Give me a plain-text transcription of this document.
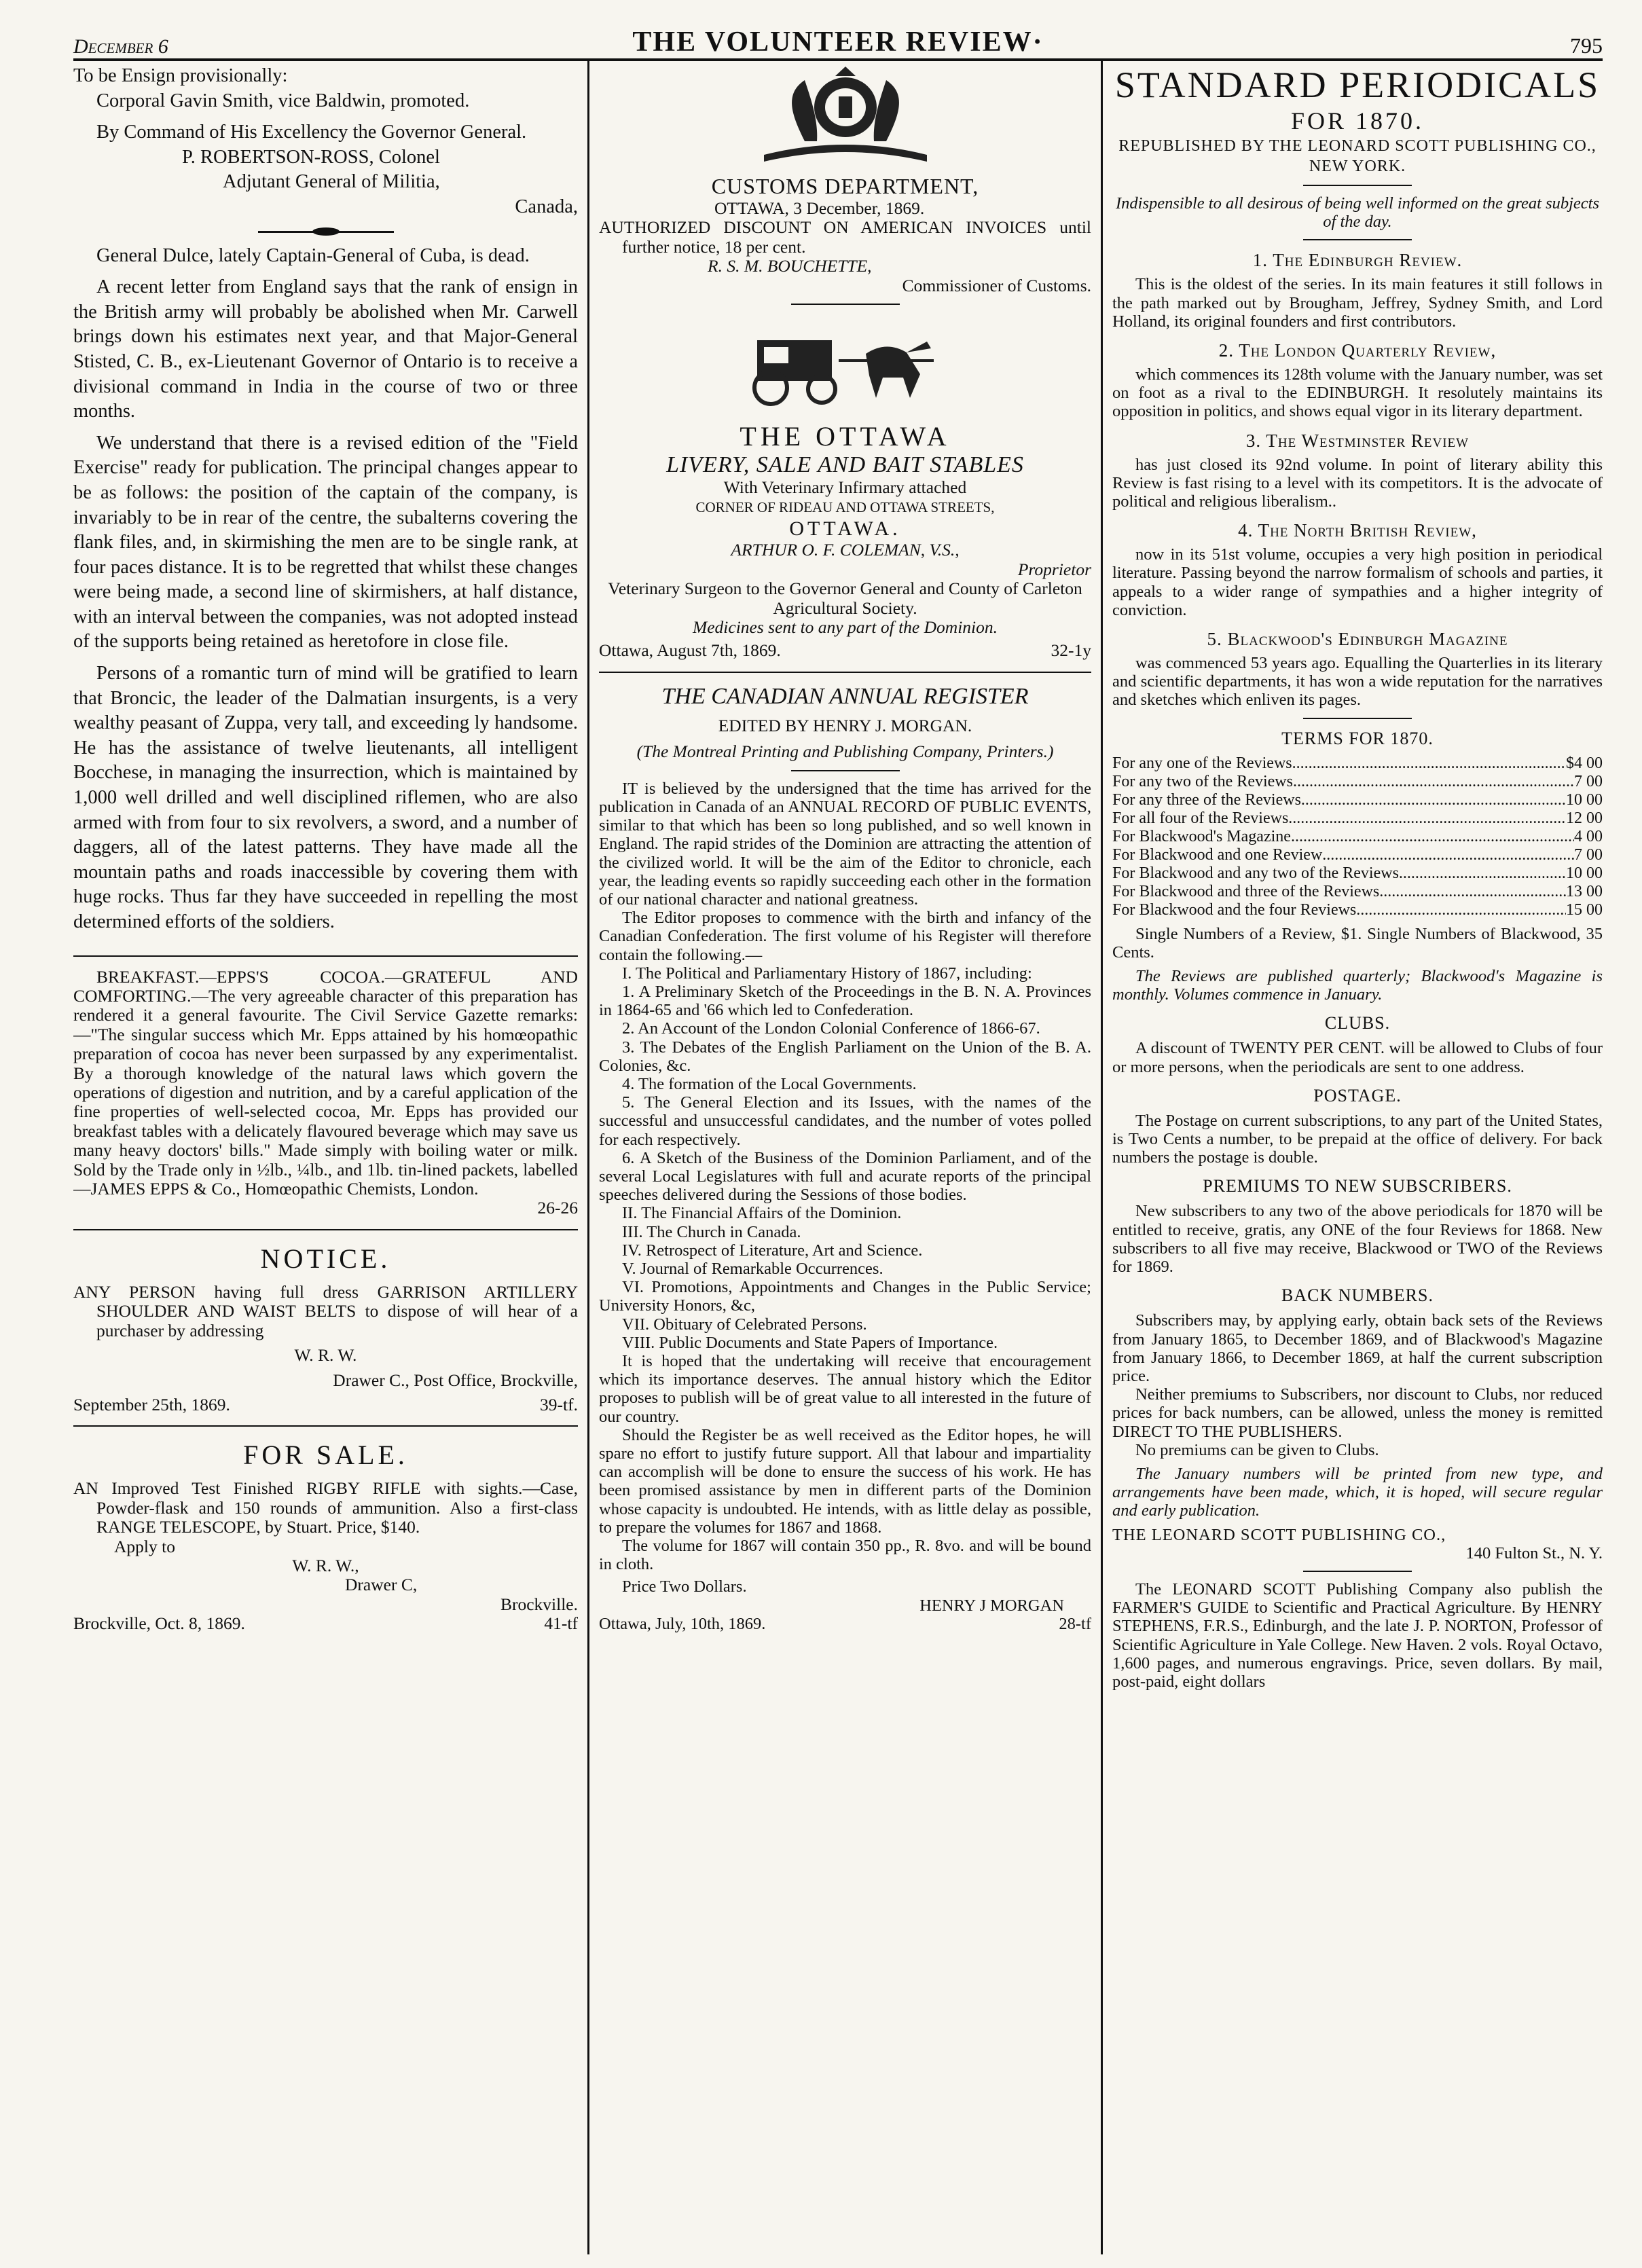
December 6	THE VOLUNTEER REVIEW·	795

To be Ensign provisionally:

Corporal Gavin Smith, vice Baldwin, promoted.

By Command of His Excellency the Governor General.

P. ROBERTSON-ROSS, Colonel

Adjutant General of Militia,

Canada,

General Dulce, lately Captain-General of Cuba, is dead.

A recent letter from England says that the rank of ensign in the British army will probably be abolished when Mr. Carwell brings down his estimates next year, and that Major-General Stisted, C. B., ex-Lieutenant Governor of Ontario is to receive a divisional command in India in the course of two or three months.

We understand that there is a revised edition of the "Field Exercise" ready for publication. The principal changes appear to be as follows: the position of the captain of the company, is invariably to be in rear of the centre, the subalterns covering the flank files, and, in skirmishing the men are to be single rank, at four paces distance. It is to be regretted that whilst these changes were being made, a second line of skirmishers, at half distance, with an interval between the companies, was not adopted instead of the supports being retained as heretofore in close file.

Persons of a romantic turn of mind will be gratified to learn that Broncic, the leader of the Dalmatian insurgents, is a very wealthy peasant of Zuppa, very tall, and exceeding ly handsome. He has the assistance of twelve lieutenants, all intelligent Bocchese, in managing the insurrection, which is maintained by 1,000 well drilled and well disciplined riflemen, who are also armed with from four to six revolvers, a sword, and a number of daggers, all of the latest patterns. They have made all the mountain paths and roads inaccessible by covering them with huge rocks. Thus far they have succeeded in repelling the most determined efforts of the soldiers.

BREAKFAST.—EPPS'S COCOA.—GRATEFUL AND COMFORTING.—The very agreeable character of this preparation has rendered it a general favourite. The Civil Service Gazette remarks:—"The singular success which Mr. Epps attained by his homœopathic preparation of cocoa has never been surpassed by any experimentalist. By a thorough knowledge of the natural laws which govern the operations of digestion and nutrition, and by a careful application of the fine properties of well-selected cocoa, Mr. Epps has provided our breakfast tables with a delicately flavoured beverage which may save us many heavy doctors' bills." Made simply with boiling water or milk. Sold by the Trade only in ½lb., ¼lb., and 1lb. tin-lined packets, labelled—JAMES EPPS & Co., Homœopathic Chemists, London.

26-26

NOTICE.

ANY PERSON having full dress GARRISON ARTILLERY SHOULDER AND WAIST BELTS to dispose of will hear of a purchaser by addressing

W. R. W.

Drawer C., Post Office, Brockville,

September 25th, 1869.	39-tf.
FOR SALE.

AN Improved Test Finished RIGBY RIFLE with sights.—Case, Powder-flask and 150 rounds of ammunition. Also a first-class RANGE TELESCOPE, by Stuart. Price, $140.

Apply to

W. R. W.,

Drawer C,

Brockville.

Brockville, Oct. 8, 1869.	41-tf

CUSTOMS DEPARTMENT,

OTTAWA, 3 December, 1869.

AUTHORIZED DISCOUNT ON AMERICAN INVOICES until further notice, 18 per cent.

R. S. M. BOUCHETTE,

Commissioner of Customs.

THE OTTAWA

LIVERY, SALE AND BAIT STABLES

With Veterinary Infirmary attached

CORNER OF RIDEAU AND OTTAWA STREETS,

OTTAWA.

ARTHUR O. F. COLEMAN, V.S.,

Proprietor

Veterinary Surgeon to the Governor General and County of Carleton Agricultural Society.

Medicines sent to any part of the Dominion.

Ottawa, August 7th, 1869.	32-1y

THE CANADIAN ANNUAL REGISTER

EDITED BY HENRY J. MORGAN.

(The Montreal Printing and Publishing Company, Printers.)

IT is believed by the undersigned that the time has arrived for the publication in Canada of an ANNUAL RECORD OF PUBLIC EVENTS, similar to that which has been so long published, and so well known in England. The rapid strides of the Dominion are attracting the attention of the civilized world. It will be the aim of the Editor to chronicle, each year, the leading events so rapidly succeeding each other in the formation of our national character and national greatness.

The Editor proposes to commence with the birth and infancy of the Canadian Confederation. The first volume of his Register will therefore contain the following.—

I. The Political and Parliamentary History of 1867, including:

1. A Preliminary Sketch of the Proceedings in the B. N. A. Provinces in 1864-65 and '66 which led to Confederation.

2. An Account of the London Colonial Conference of 1866-67.

3. The Debates of the English Parliament on the Union of the B. A. Colonies, &c.

4. The formation of the Local Governments.

5. The General Election and its Issues, with the names of the successful and unsuccessful candidates, and the number of votes polled for each respectively.

6. A Sketch of the Business of the Dominion Parliament, and of the several Local Legislatures with full and acurate reports of the principal speeches delivered during the Sessions of those bodies.

II. The Financial Affairs of the Dominion.

III. The Church in Canada.

IV. Retrospect of Literature, Art and Science.

V. Journal of Remarkable Occurrences.

VI. Promotions, Appointments and Changes in the Public Service; University Honors, &c,

VII. Obituary of Celebrated Persons.

VIII. Public Documents and State Papers of Importance.

It is hoped that the undertaking will receive that encouragement which its importance deserves. The annual history which the Editor proposes to publish will be of great value to all interested in the future of our country.

Should the Register be as well received as the Editor hopes, he will spare no effort to justify future support. All that labour and impartiality can accomplish will be done to ensure the success of his work. He has been promised assistance by men in different parts of the Dominion whose capacity is undoubted. He intends, with as little delay as possible, to prepare the volumes for 1867 and 1868.

The volume for 1867 will contain 350 pp., R. 8vo. and will be bound in cloth.

Price Two Dollars.

HENRY J MORGAN

Ottawa, July, 10th, 1869.	28-tf
STANDARD PERIODICALS
FOR 1870.

REPUBLISHED BY THE LEONARD SCOTT PUBLISHING CO., NEW YORK.

Indispensible to all desirous of being well informed on the great subjects of the day.

1. The Edinburgh Review.

This is the oldest of the series. In its main features it still follows in the path marked out by Brougham, Jeffrey, Sydney Smith, and Lord Holland, its original founders and first contributors.

2. The London Quarterly Review,

which commences its 128th volume with the January number, was set on foot as a rival to the EDINBURGH. It resolutely maintains its opposition in politics, and shows equal vigor in its literary department.

3. The Westminster Review

has just closed its 92nd volume. In point of literary ability this Review is fast rising to a level with its competitors. It is the advocate of political and religious liberalism..

4. The North British Review,

now in its 51st volume, occupies a very high position in periodical literature. Passing beyond the narrow formalism of schools and parties, it appeals to a wider range of sympathies and a higher integrity of conviction.

5. Blackwood's Edinburgh Magazine

was commenced 53 years ago. Equalling the Quarterlies in its literary and scientific departments, it has won a wide reputation for the narratives and sketches which enliven its pages.

TERMS FOR 1870.
For any one of the Reviews .....	$4 00
For any two of the Reviews .....	7 00
For any three of the Reviews .....	10 00
For all four of the Reviews .....	12 00
For Blackwood's Magazine .....	4 00
For Blackwood and one Review .....	7 00
For Blackwood and any two of the Reviews .....	10 00
For Blackwood and three of the Reviews .....	13 00
For Blackwood and the four Reviews .....	15 00

Single Numbers of a Review, $1. Single Numbers of Blackwood, 35 Cents.

The Reviews are published quarterly; Blackwood's Magazine is monthly. Volumes commence in January.

CLUBS.

A discount of TWENTY PER CENT. will be allowed to Clubs of four or more persons, when the periodicals are sent to one address.

POSTAGE.

The Postage on current subscriptions, to any part of the United States, is Two Cents a number, to be prepaid at the office of delivery. For back numbers the postage is double.

PREMIUMS TO NEW SUBSCRIBERS.

New subscribers to any two of the above periodicals for 1870 will be entitled to receive, gratis, any ONE of the four Reviews for 1868. New subscribers to all five may receive, Blackwood or TWO of the Reviews for 1869.

BACK NUMBERS.

Subscribers may, by applying early, obtain back sets of the Reviews from January 1865, to December 1869, and of Blackwood's Magazine from January 1866, to December 1869, at half the current subscription price.

Neither premiums to Subscribers, nor discount to Clubs, nor reduced prices for back numbers, can be allowed, unless the money is remitted DIRECT TO THE PUBLISHERS.

No premiums can be given to Clubs.

The January numbers will be printed from new type, and arrangements have been made, which, it is hoped, will secure regular and early publication.

THE LEONARD SCOTT PUBLISHING CO.,

140 Fulton St., N. Y.

The LEONARD SCOTT Publishing Company also publish the FARMER'S GUIDE to Scientific and Practical Agriculture. By HENRY STEPHENS, F.R.S., Edinburgh, and the late J. P. NORTON, Professor of Scientific Agriculture in Yale College. New Haven. 2 vols. Royal Octavo, 1,600 pages, and numerous engravings. Price, seven dollars. By mail, post-paid, eight dollars
